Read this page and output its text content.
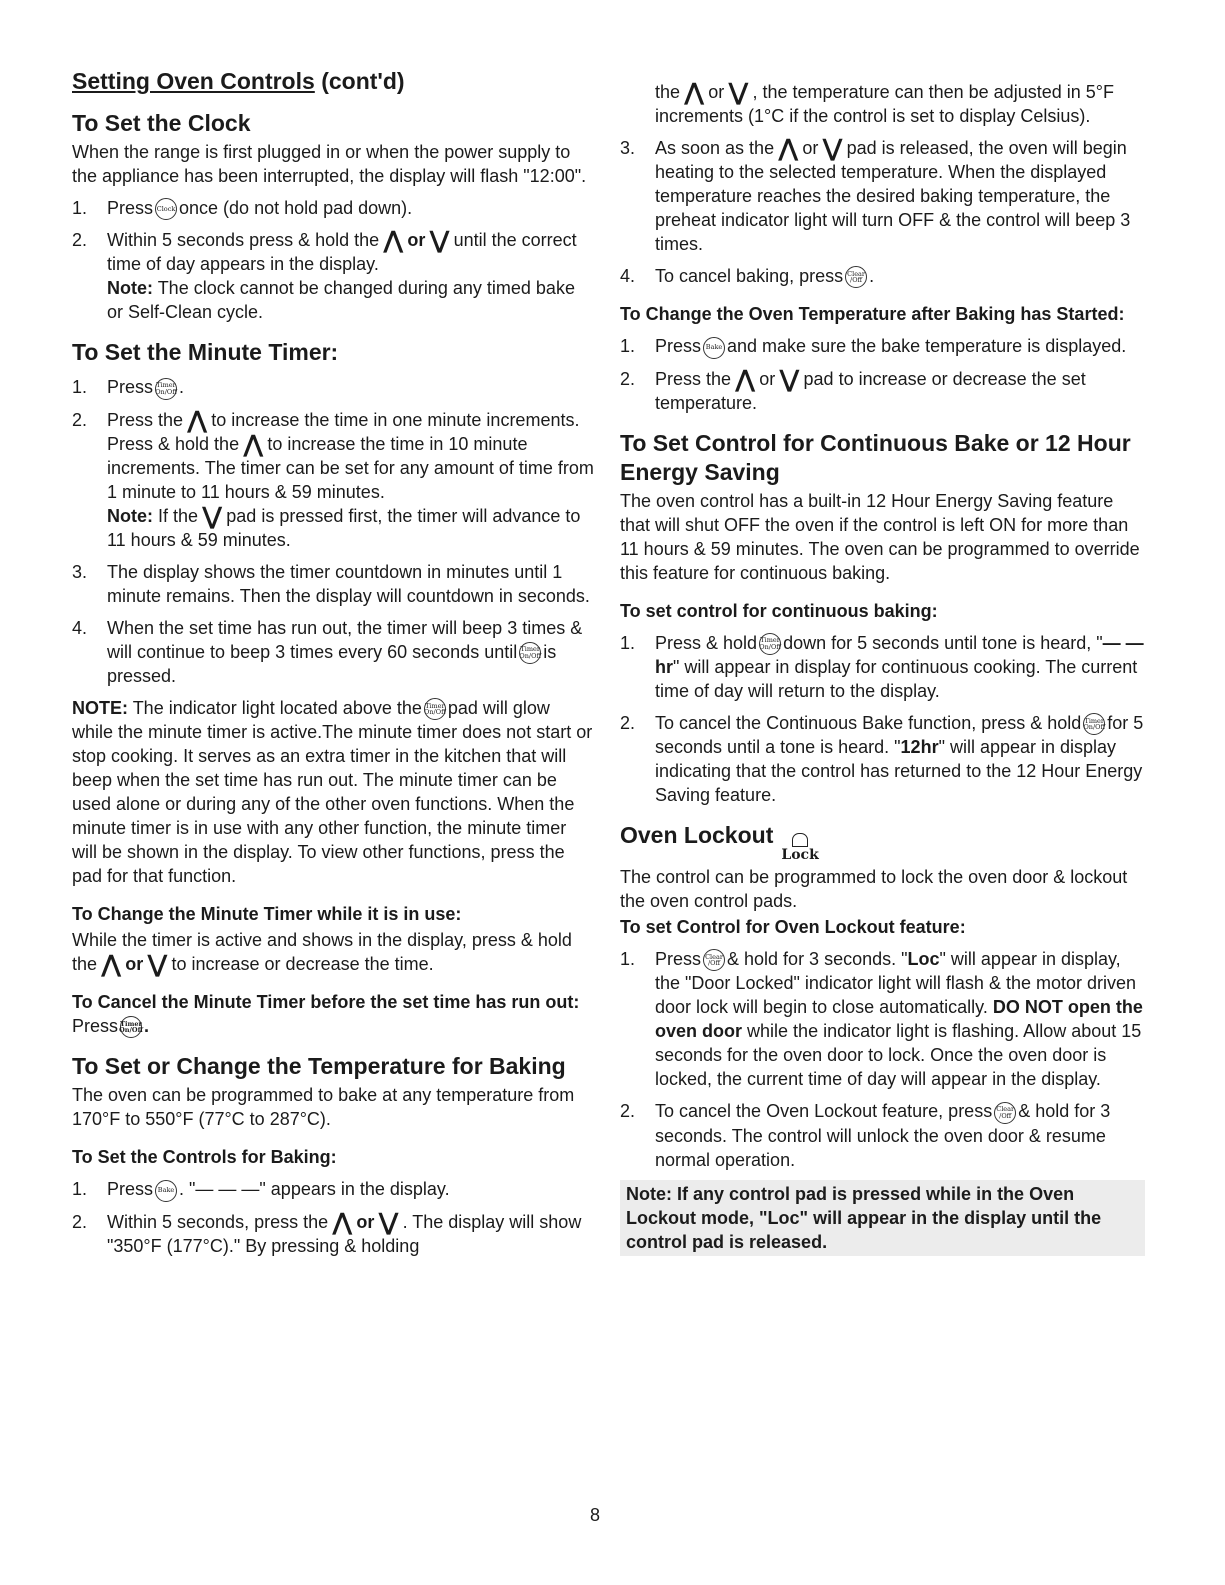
Setting Oven Controls (cont'd)
To Set the Clock

When the range is first plugged in or when the power supply to the appliance has been interrupted, the display will flash "12:00".

1. Press Clock once (do not hold pad down).
2. Within 5 seconds press & hold the ⋀ or ⋁ until the correct time of day appears in the display.
Note: The clock cannot be changed during any timed bake or Self-Clean cycle.
To Set the Minute Timer:
1. Press Timer
On/Off .
2. Press the ⋀ to increase the time in one minute increments. Press & hold the ⋀ to increase the time in 10 minute increments. The timer can be set for any amount of time from 1 minute to 11 hours & 59 minutes.
Note: If the ⋁ pad is pressed first, the timer will advance to 11 hours & 59 minutes.
3. The display shows the timer countdown in minutes until 1 minute remains. Then the display will countdown in seconds.
4. When the set time has run out, the timer will beep 3 times & will continue to beep 3 times every 60 seconds until Timer
On/Off is pressed.

NOTE: The indicator light located above the Timer
On/Off pad will glow while the minute timer is active.The minute timer does not start or stop cooking. It serves as an extra timer in the kitchen that will beep when the set time has run out. The minute timer can be used alone or during any of the other oven functions. When the minute timer is in use with any other function, the minute timer will be shown in the display. To view other functions, press the pad for that function.

To Change the Minute Timer while it is in use:

While the timer is active and shows in the display, press & hold the ⋀ or ⋁ to increase or decrease the time.

To Cancel the Minute Timer before the set time has run out: Press Timer
On/Off.
To Set or Change the Temperature for Baking

The oven can be programmed to bake at any temperature from 170°F to 550°F (77°C to 287°C).

To Set the Controls for Baking:
1. Press Bake . "— — —" appears in the display.
2. Within 5 seconds, press the ⋀ or ⋁ . The display will show "350°F (177°C)." By pressing & holding

the ⋀ or ⋁ , the temperature can then be adjusted in 5°F increments (1°C if the control is set to display Celsius).

3. As soon as the ⋀ or ⋁ pad is released, the oven will begin heating to the selected temperature. When the displayed temperature reaches the desired baking temperature, the preheat indicator light will turn OFF & the control will beep 3 times.
4. To cancel baking, press Clear
/Off .
To Change the Oven Temperature after Baking has Started:
1. Press Bake and make sure the bake temperature is displayed.
2. Press the ⋀ or ⋁ pad to increase or decrease the set temperature.
To Set Control for Continuous Bake or 12 Hour Energy Saving

The oven control has a built-in 12 Hour Energy Saving feature that will shut OFF the oven if the control is left ON for more than 11 hours & 59 minutes. The oven can be programmed to override this feature for continuous baking.

To set control for continuous baking:
1. Press & hold Timer
On/Off down for 5 seconds until tone is heard, "— — hr" will appear in display for continuous cooking. The current time of day will return to the display.
2. To cancel the Continuous Bake function, press & hold Timer
On/Off for 5 seconds until a tone is heard. "12hr" will appear in display indicating that the control has returned to the 12 Hour Energy Saving feature.
Oven Lockout
Lock

The control can be programmed to lock the oven door & lockout the oven control pads.

To set Control for Oven Lockout feature:
1. Press Clear
/Off & hold for 3 seconds. "Loc" will appear in display, the "Door Locked" indicator light will flash & the motor driven door lock will begin to close automatically. DO NOT open the oven door while the indicator light is flashing. Allow about 15 seconds for the oven door to lock. Once the oven door is locked, the current time of day will appear in the display.
2. To cancel the Oven Lockout feature, press Clear
/Off & hold for 3 seconds. The control will unlock the oven door & resume normal operation.
Note: If any control pad is pressed while in the Oven Lockout mode, "Loc" will appear in the display until the control pad is released.
8
